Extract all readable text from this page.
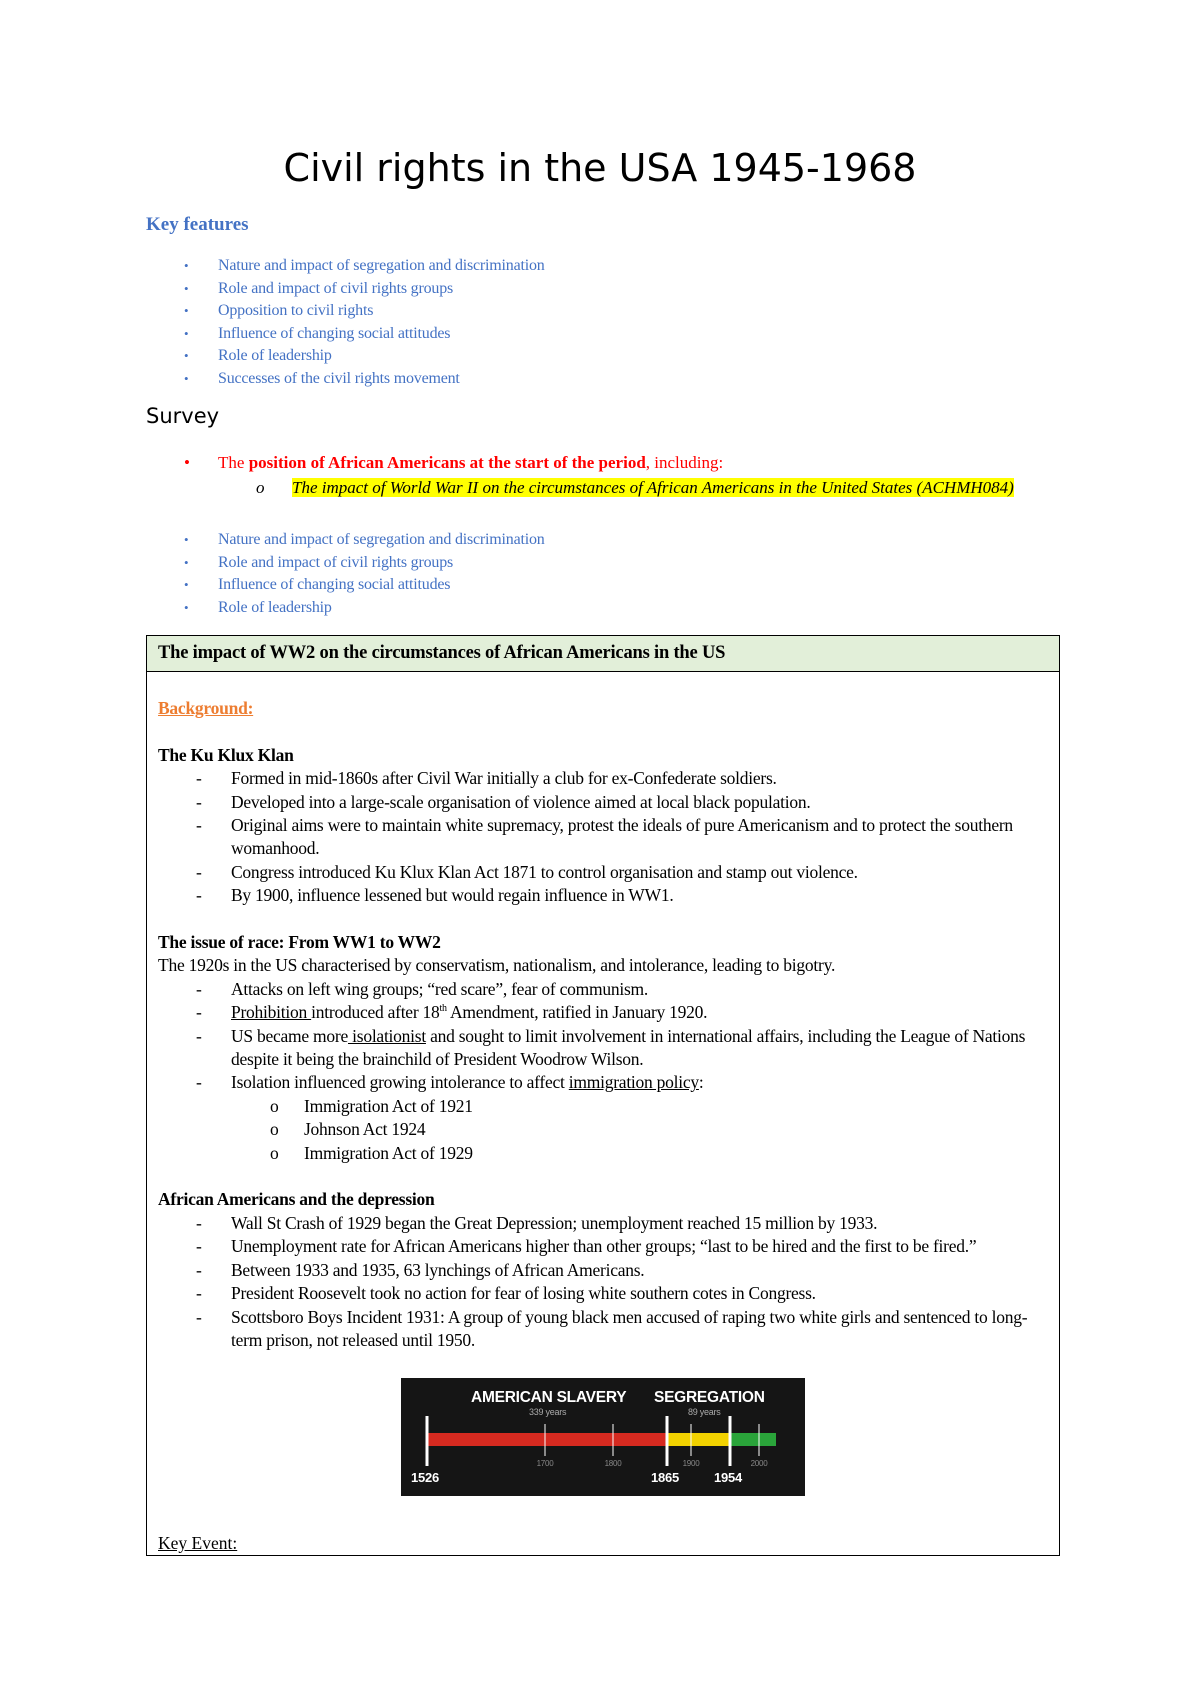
Civil rights in the USA 1945-1968
Key features
• Nature and impact of segregation and discrimination
• Role and impact of civil rights groups
• Opposition to civil rights
• Influence of changing social attitudes
• Role of leadership
• Successes of the civil rights movement
Survey
• The position of African Americans at the start of the period, including:
o The impact of World War II on the circumstances of African Americans in the United States (ACHMH084)
• Nature and impact of segregation and discrimination
• Role and impact of civil rights groups
• Influence of changing social attitudes
• Role of leadership
The impact of WW2 on the circumstances of African Americans in the US
Background:
The Ku Klux Klan
- Formed in mid-1860s after Civil War initially a club for ex-Confederate soldiers.
- Developed into a large-scale organisation of violence aimed at local black population.
- Original aims were to maintain white supremacy, protest the ideals of pure Americanism and to protect the southern womanhood.
- Congress introduced Ku Klux Klan Act 1871 to control organisation and stamp out violence.
- By 1900, influence lessened but would regain influence in WW1.
The issue of race: From WW1 to WW2
The 1920s in the US characterised by conservatism, nationalism, and intolerance, leading to bigotry.
- Attacks on left wing groups; “red scare”, fear of communism.
- Prohibition introduced after 18th Amendment, ratified in January 1920.
- US became more isolationist and sought to limit involvement in international affairs, including the League of Nations despite it being the brainchild of President Woodrow Wilson.
- Isolation influenced growing intolerance to affect immigration policy:
o Immigration Act of 1921
o Johnson Act 1924
o Immigration Act of 1929
African Americans and the depression
- Wall St Crash of 1929 began the Great Depression; unemployment reached 15 million by 1933.
- Unemployment rate for African Americans higher than other groups; “last to be hired and the first to be fired.”
- Between 1933 and 1935, 63 lynchings of African Americans.
- President Roosevelt took no action for fear of losing white southern cotes in Congress.
- Scottsboro Boys Incident 1931: A group of young black men accused of raping two white girls and sentenced to long-term prison, not released until 1950.
AMERICAN SLAVERY
339 years
SEGREGATION
89 years
1700	1800	1900	2000
1526	1865	1954
Key Event:
